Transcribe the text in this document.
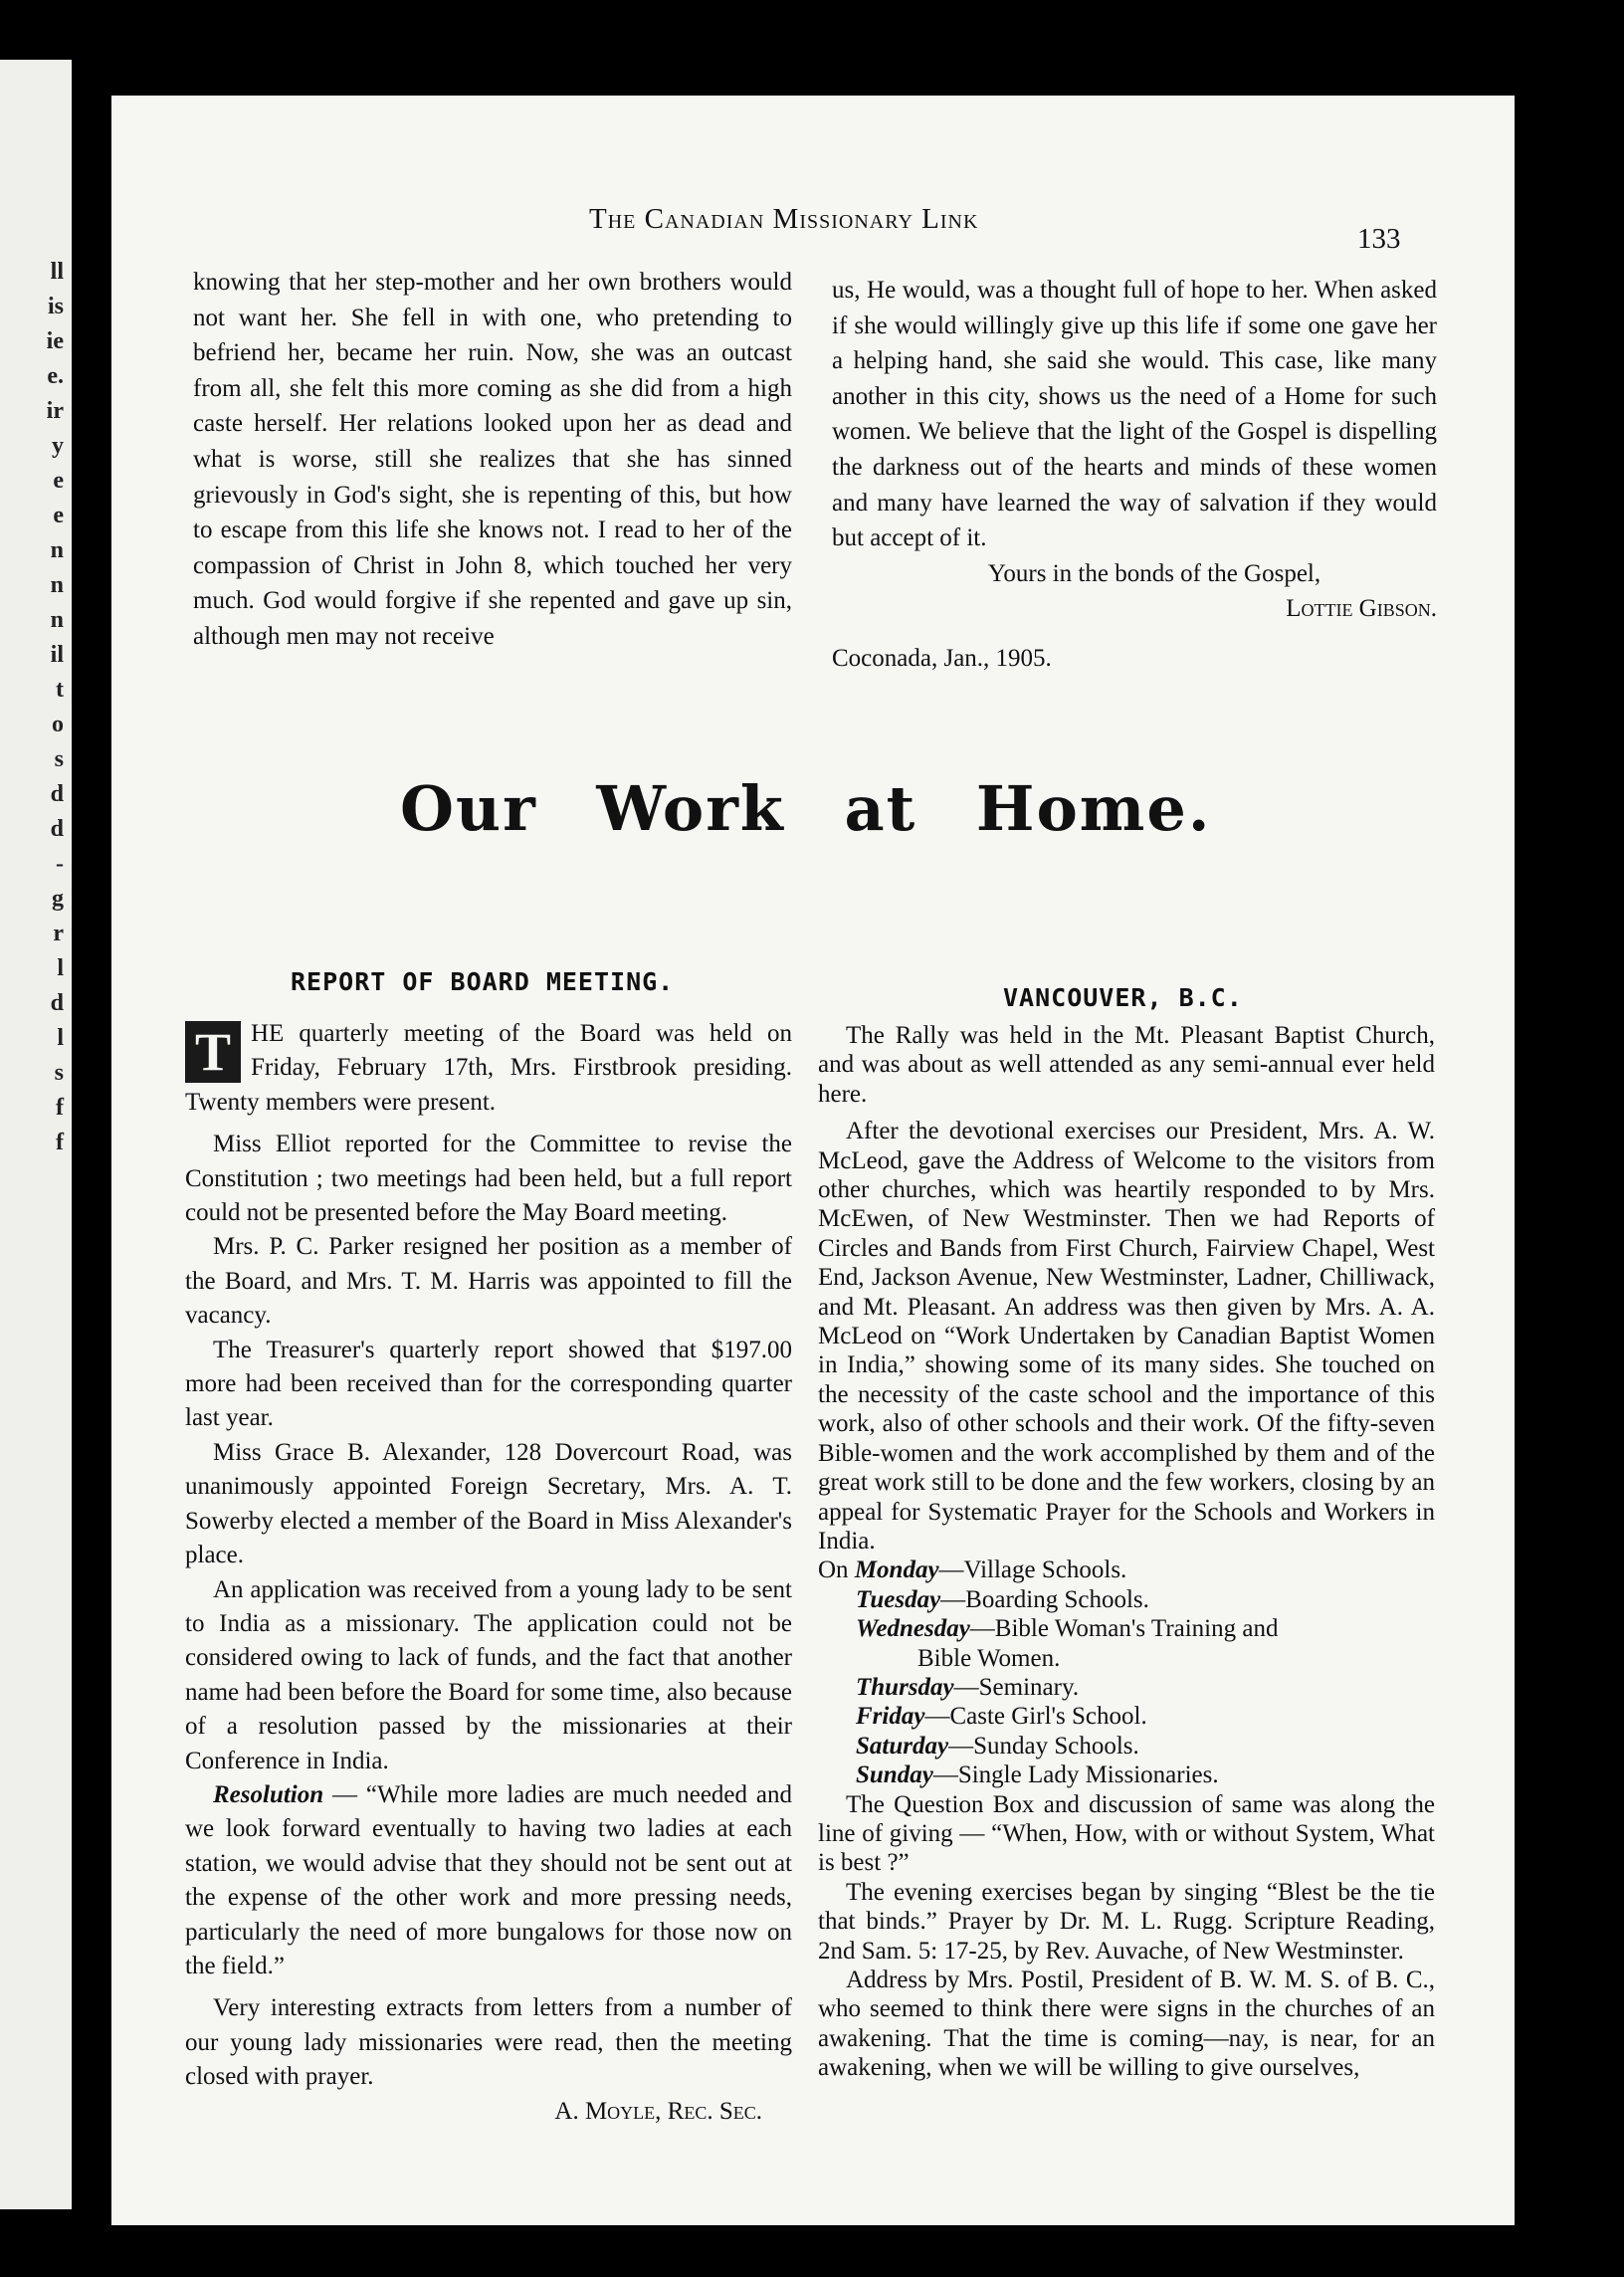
ll
is
ie
e.
ir
y
e
e
n
n
n
il
t
o
s
d
d
-
g
r
l
d
l
s
f
f
The Canadian Missionary Link
133

knowing that her step-mother and her own brothers would not want her. She fell in with one, who pretending to befriend her, became her ruin. Now, she was an outcast from all, she felt this more coming as she did from a high caste herself. Her relations looked upon her as dead and what is worse, still she realizes that she has sinned grievously in God's sight, she is repenting of this, but how to escape from this life she knows not. I read to her of the compassion of Christ in John 8, which touched her very much. God would forgive if she repented and gave up sin, although men may not receive

us, He would, was a thought full of hope to her. When asked if she would willingly give up this life if some one gave her a helping hand, she said she would. This case, like many another in this city, shows us the need of a Home for such women. We believe that the light of the Gospel is dispelling the darkness out of the hearts and minds of these women and many have learned the way of salvation if they would but accept of it.

Yours in the bonds of the Gospel,

Lottie Gibson.

Coconada, Jan., 1905.

Our Work at Home.
REPORT OF BOARD MEETING.
VANCOUVER, B.C.

T HE quarterly meeting of the Board was held on Friday, February 17th, Mrs. Firstbrook presiding. Twenty members were present.

Miss Elliot reported for the Committee to revise the Constitution ; two meetings had been held, but a full report could not be presented before the May Board meeting.

Mrs. P. C. Parker resigned her position as a member of the Board, and Mrs. T. M. Harris was appointed to fill the vacancy.

The Treasurer's quarterly report showed that $197.00 more had been received than for the corresponding quarter last year.

Miss Grace B. Alexander, 128 Dovercourt Road, was unanimously appointed Foreign Secretary, Mrs. A. T. Sowerby elected a member of the Board in Miss Alexander's place.

An application was received from a young lady to be sent to India as a missionary. The application could not be considered owing to lack of funds, and the fact that another name had been before the Board for some time, also because of a resolution passed by the missionaries at their Conference in India.

Resolution — “While more ladies are much needed and we look forward eventually to having two ladies at each station, we would advise that they should not be sent out at the expense of the other work and more pressing needs, particularly the need of more bungalows for those now on the field.”

Very interesting extracts from letters from a number of our young lady missionaries were read, then the meeting closed with prayer.

A. Moyle, Rec. Sec.

The Rally was held in the Mt. Pleasant Baptist Church, and was about as well attended as any semi-annual ever held here.

After the devotional exercises our President, Mrs. A. W. McLeod, gave the Address of Welcome to the visitors from other churches, which was heartily responded to by Mrs. McEwen, of New Westminster. Then we had Reports of Circles and Bands from First Church, Fairview Chapel, West End, Jackson Avenue, New Westminster, Ladner, Chilliwack, and Mt. Pleasant. An address was then given by Mrs. A. A. McLeod on “Work Undertaken by Canadian Baptist Women in India,” showing some of its many sides. She touched on the necessity of the caste school and the importance of this work, also of other schools and their work. Of the fifty-seven Bible-women and the work accomplished by them and of the great work still to be done and the few workers, closing by an appeal for Systematic Prayer for the Schools and Workers in India.

On Monday—Village Schools.
Tuesday—Boarding Schools.
Wednesday—Bible Woman's Training and
Bible Women.
Thursday—Seminary.
Friday—Caste Girl's School.
Saturday—Sunday Schools.
Sunday—Single Lady Missionaries.

The Question Box and discussion of same was along the line of giving — “When, How, with or without System, What is best ?”

The evening exercises began by singing “Blest be the tie that binds.” Prayer by Dr. M. L. Rugg. Scripture Reading, 2nd Sam. 5: 17-25, by Rev. Auvache, of New Westminster.

Address by Mrs. Postil, President of B. W. M. S. of B. C., who seemed to think there were signs in the churches of an awakening. That the time is coming—nay, is near, for an awakening, when we will be willing to give ourselves,
